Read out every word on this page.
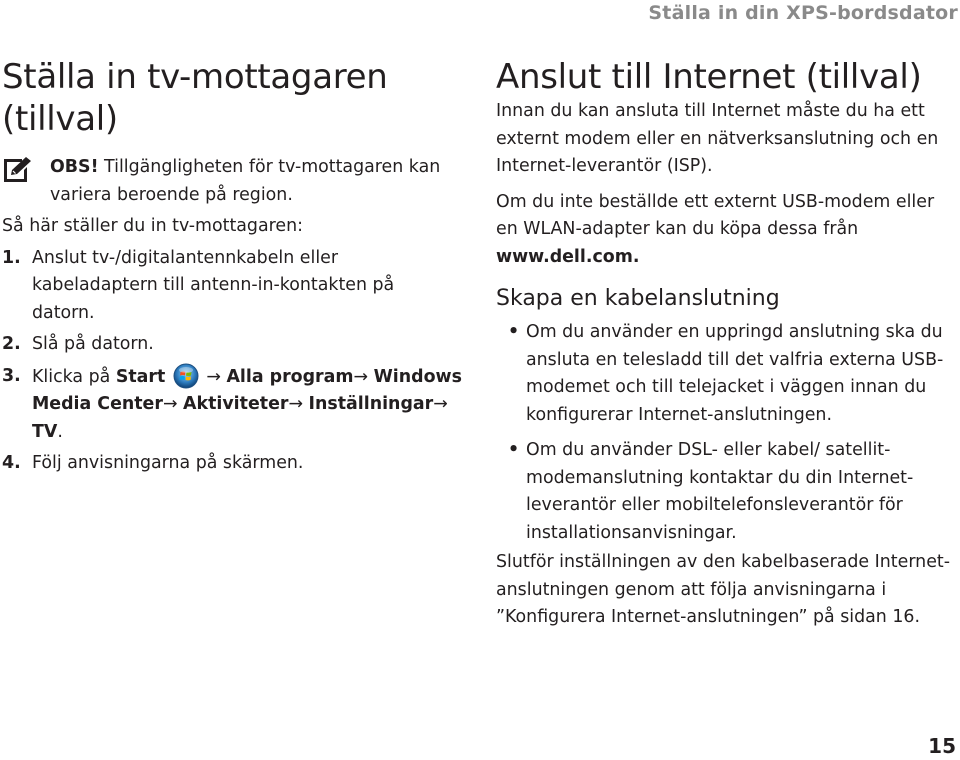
Ställa in din XPS-bordsdator
Ställa in tv-mottagaren (tillval)

OBS! Tillgängligheten för tv-mottagaren kan variera beroende på region.

Så här ställer du in tv-mottagaren:

1. Anslut tv-/digitalantennkabeln eller kabeladaptern till antenn-in-kontakten på datorn.
2. Slå på datorn.
3. Klicka på Start → Alla program→ Windows Media Center→ Aktiviteter→ Inställningar→ TV.
4. Följ anvisningarna på skärmen.
Anslut till Internet (tillval)

Innan du kan ansluta till Internet måste du ha ett externt modem eller en nätverksanslutning och en Internet-leverantör (ISP).

Om du inte beställde ett externt USB-modem eller en WLAN-adapter kan du köpa dessa från www.dell.com.

Skapa en kabelanslutning
• Om du använder en uppringd anslutning ska du ansluta en telesladd till det valfria externa USB-modemet och till telejacket i väggen innan du konfigurerar Internet-anslutningen.
• Om du använder DSL- eller kabel/ satellit-modemanslutning kontaktar du din Internet-leverantör eller mobiltelefonsleverantör för installationsanvisningar.

Slutför inställningen av den kabelbaserade Internet-anslutningen genom att följa anvisningarna i ”Konfigurera Internet-anslutningen” på sidan 16.

15
